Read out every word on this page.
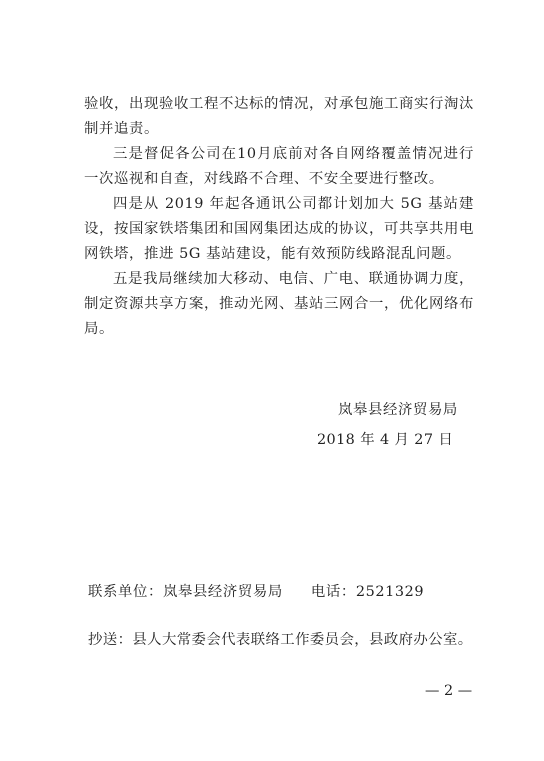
验收，出现验收工程不达标的情况，对承包施工商实行淘汰制并追责。

三是督促各公司在10月底前对各自网络覆盖情况进行一次巡视和自查，对线路不合理、不安全要进行整改。

四是从 2019 年起各通讯公司都计划加大 5G 基站建设，按国家铁塔集团和国网集团达成的协议，可共享共用电网铁塔，推进 5G 基站建设，能有效预防线路混乱问题。

五是我局继续加大移动、电信、广电、联通协调力度，制定资源共享方案，推动光网、基站三网合一，优化网络布局。

岚皋县经济贸易局
2018 年 4 月 27 日
联系单位：岚皋县经济贸易局 电话：2521329
抄送：县人大常委会代表联络工作委员会，县政府办公室。
— 2 —
